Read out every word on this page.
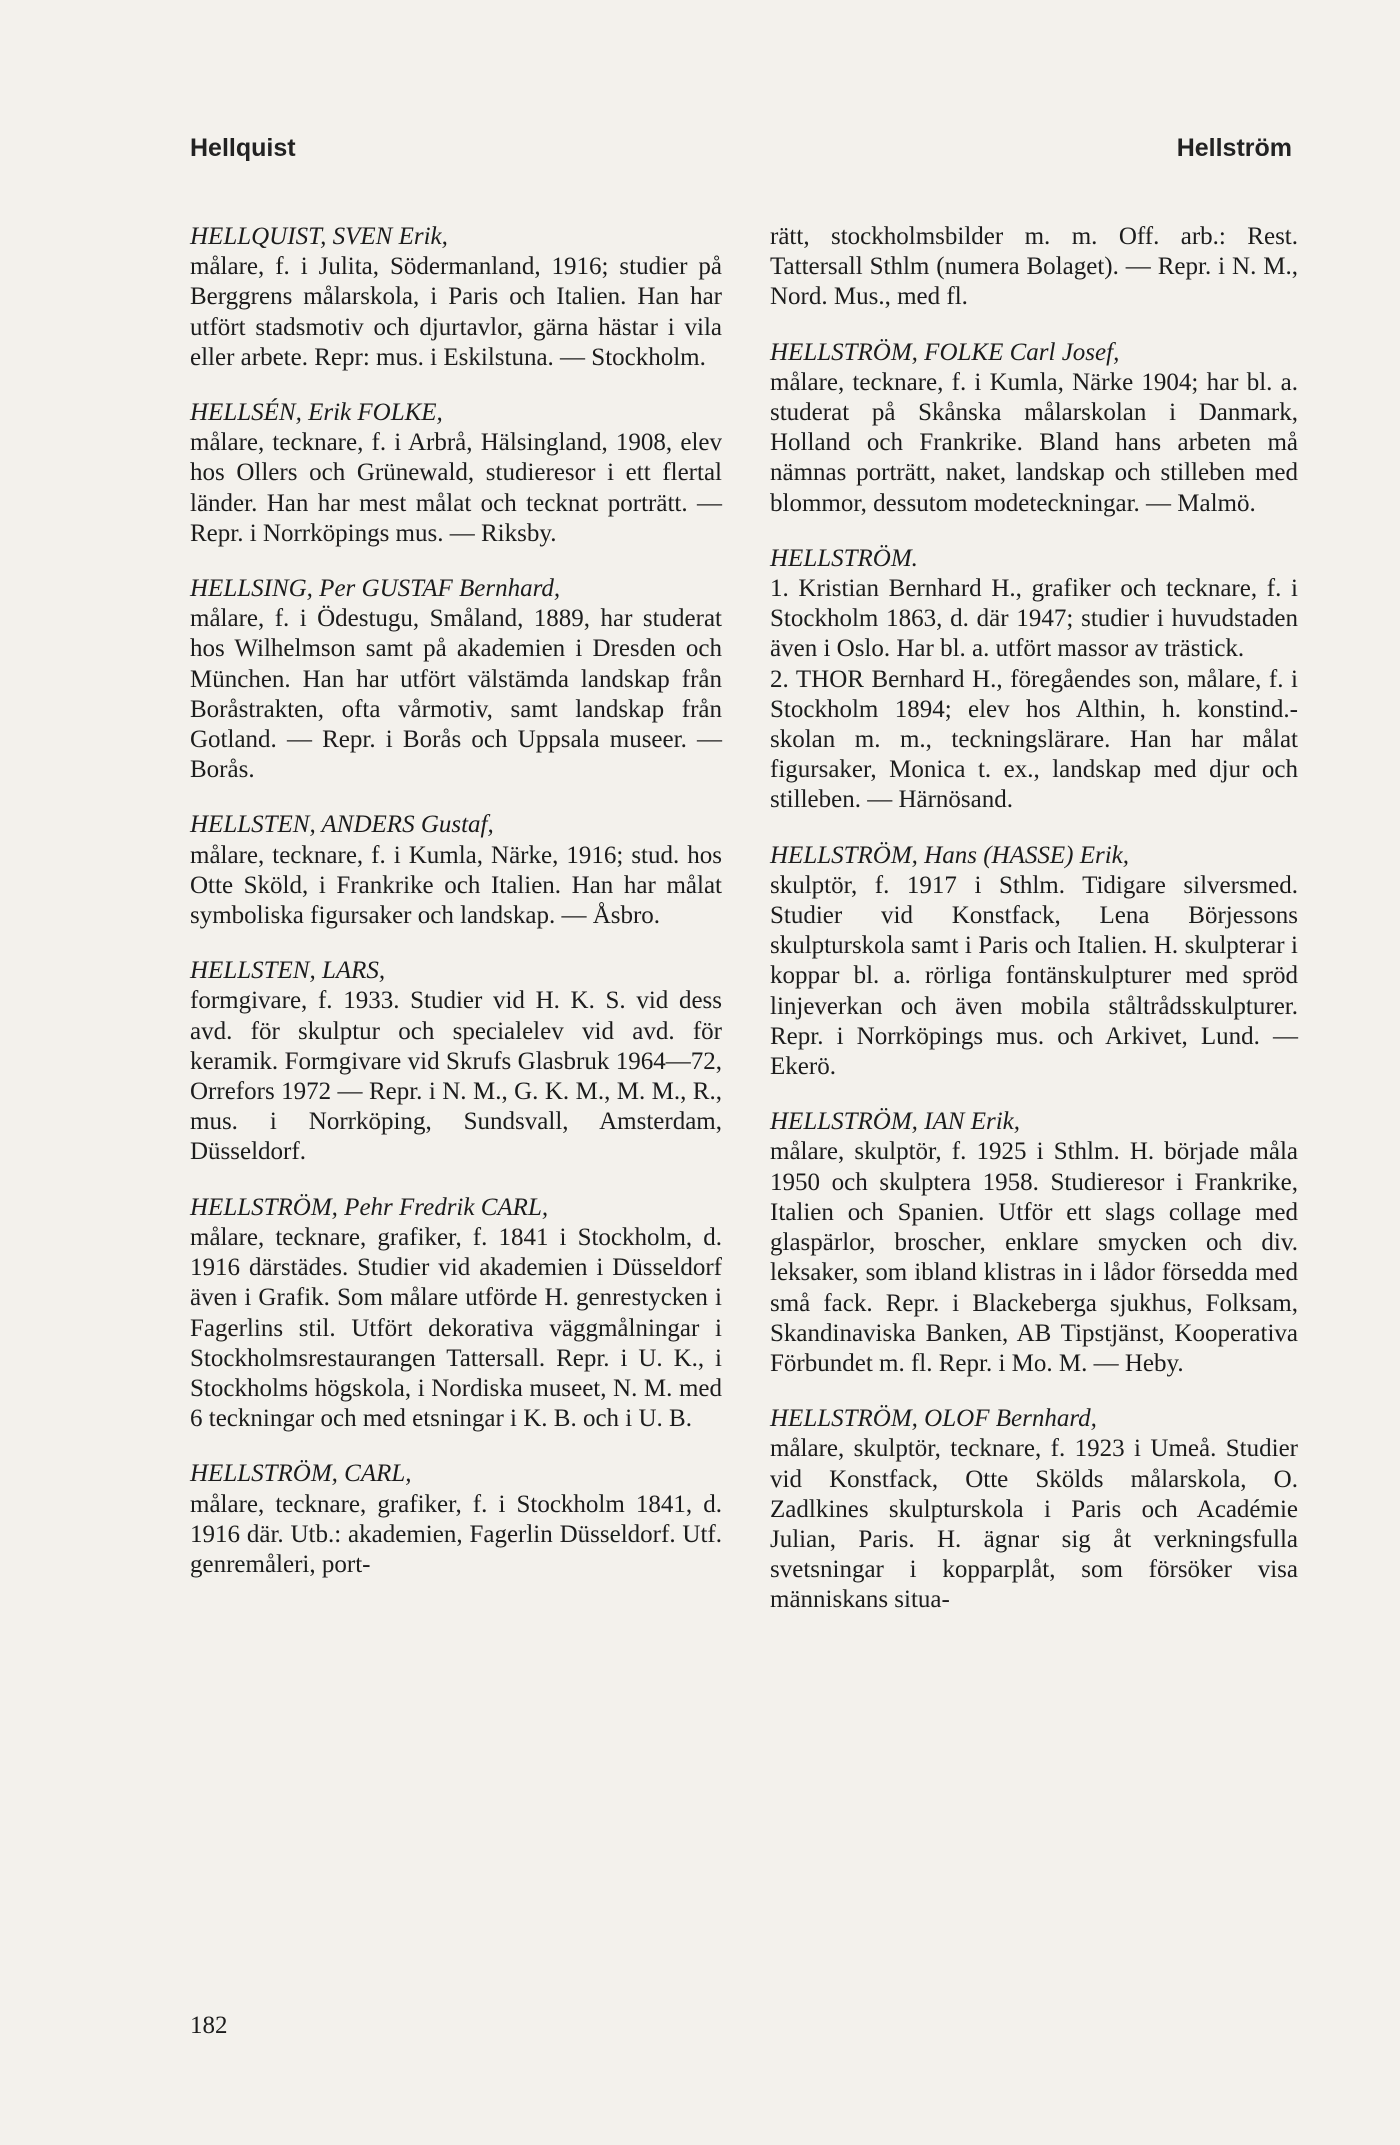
Hellquist	Hellström
HELLQUIST, SVEN Erik,

målare, f. i Julita, Södermanland, 1916; studier på Berggrens målarskola, i Paris och Italien. Han har utfört stadsmotiv och djurtavlor, gärna hästar i vila eller arbete. Repr: mus. i Eskilstuna. — Stockholm.

HELLSÉN, Erik FOLKE,

målare, tecknare, f. i Arbrå, Hälsingland, 1908, elev hos Ollers och Grünewald, studieresor i ett flertal länder. Han har mest målat och tecknat porträtt. — Repr. i Norrköpings mus. — Riksby.

HELLSING, Per GUSTAF Bernhard,

målare, f. i Ödestugu, Småland, 1889, har studerat hos Wilhelmson samt på akademien i Dresden och München. Han har utfört välstämda landskap från Boråstrakten, ofta vårmotiv, samt landskap från Gotland. — Repr. i Borås och Uppsala museer. — Borås.

HELLSTEN, ANDERS Gustaf,

målare, tecknare, f. i Kumla, Närke, 1916; stud. hos Otte Sköld, i Frankrike och Italien. Han har målat symboliska figursaker och landskap. — Åsbro.

HELLSTEN, LARS,

formgivare, f. 1933. Studier vid H. K. S. vid dess avd. för skulptur och specialelev vid avd. för keramik. Formgivare vid Skrufs Glasbruk 1964—72, Orrefors 1972 — Repr. i N. M., G. K. M., M. M., R., mus. i Norrköping, Sundsvall, Amsterdam, Düsseldorf.

HELLSTRÖM, Pehr Fredrik CARL,

målare, tecknare, grafiker, f. 1841 i Stockholm, d. 1916 därstädes. Studier vid akademien i Düsseldorf även i Grafik. Som målare utförde H. genrestycken i Fagerlins stil. Utfört dekorativa väggmålningar i Stockholmsrestaurangen Tattersall. Repr. i U. K., i Stockholms högskola, i Nordiska museet, N. M. med 6 teckningar och med etsningar i K. B. och i U. B.

HELLSTRÖM, CARL,

målare, tecknare, grafiker, f. i Stockholm 1841, d. 1916 där. Utb.: akademien, Fagerlin Düsseldorf. Utf. genremåleri, port-

rätt, stockholmsbilder m. m. Off. arb.: Rest. Tattersall Sthlm (numera Bolaget). — Repr. i N. M., Nord. Mus., med fl.

HELLSTRÖM, FOLKE Carl Josef,

målare, tecknare, f. i Kumla, Närke 1904; har bl. a. studerat på Skånska målarskolan i Danmark, Holland och Frankrike. Bland hans arbeten må nämnas porträtt, naket, landskap och stilleben med blommor, dessutom modeteckningar. — Malmö.

HELLSTRÖM.

1. Kristian Bernhard H., grafiker och tecknare, f. i Stockholm 1863, d. där 1947; studier i huvudstaden även i Oslo. Har bl. a. utfört massor av trästick.

2. THOR Bernhard H., föregåendes son, målare, f. i Stockholm 1894; elev hos Althin, h. konstind.-skolan m. m., teckningslärare. Han har målat figursaker, Monica t. ex., landskap med djur och stilleben. — Härnösand.

HELLSTRÖM, Hans (HASSE) Erik,

skulptör, f. 1917 i Sthlm. Tidigare silversmed. Studier vid Konstfack, Lena Börjessons skulpturskola samt i Paris och Italien. H. skulpterar i koppar bl. a. rörliga fontänskulpturer med spröd linjeverkan och även mobila ståltrådsskulpturer. Repr. i Norrköpings mus. och Arkivet, Lund. — Ekerö.

HELLSTRÖM, IAN Erik,

målare, skulptör, f. 1925 i Sthlm. H. började måla 1950 och skulptera 1958. Studieresor i Frankrike, Italien och Spanien. Utför ett slags collage med glaspärlor, broscher, enklare smycken och div. leksaker, som ibland klistras in i lådor försedda med små fack. Repr. i Blackeberga sjukhus, Folksam, Skandinaviska Banken, AB Tipstjänst, Kooperativa Förbundet m. fl. Repr. i Mo. M. — Heby.

HELLSTRÖM, OLOF Bernhard,

målare, skulptör, tecknare, f. 1923 i Umeå. Studier vid Konstfack, Otte Skölds målarskola, O. Zadlkines skulpturskola i Paris och Académie Julian, Paris. H. ägnar sig åt verkningsfulla svetsningar i kopparplåt, som försöker visa människans situa-

182
